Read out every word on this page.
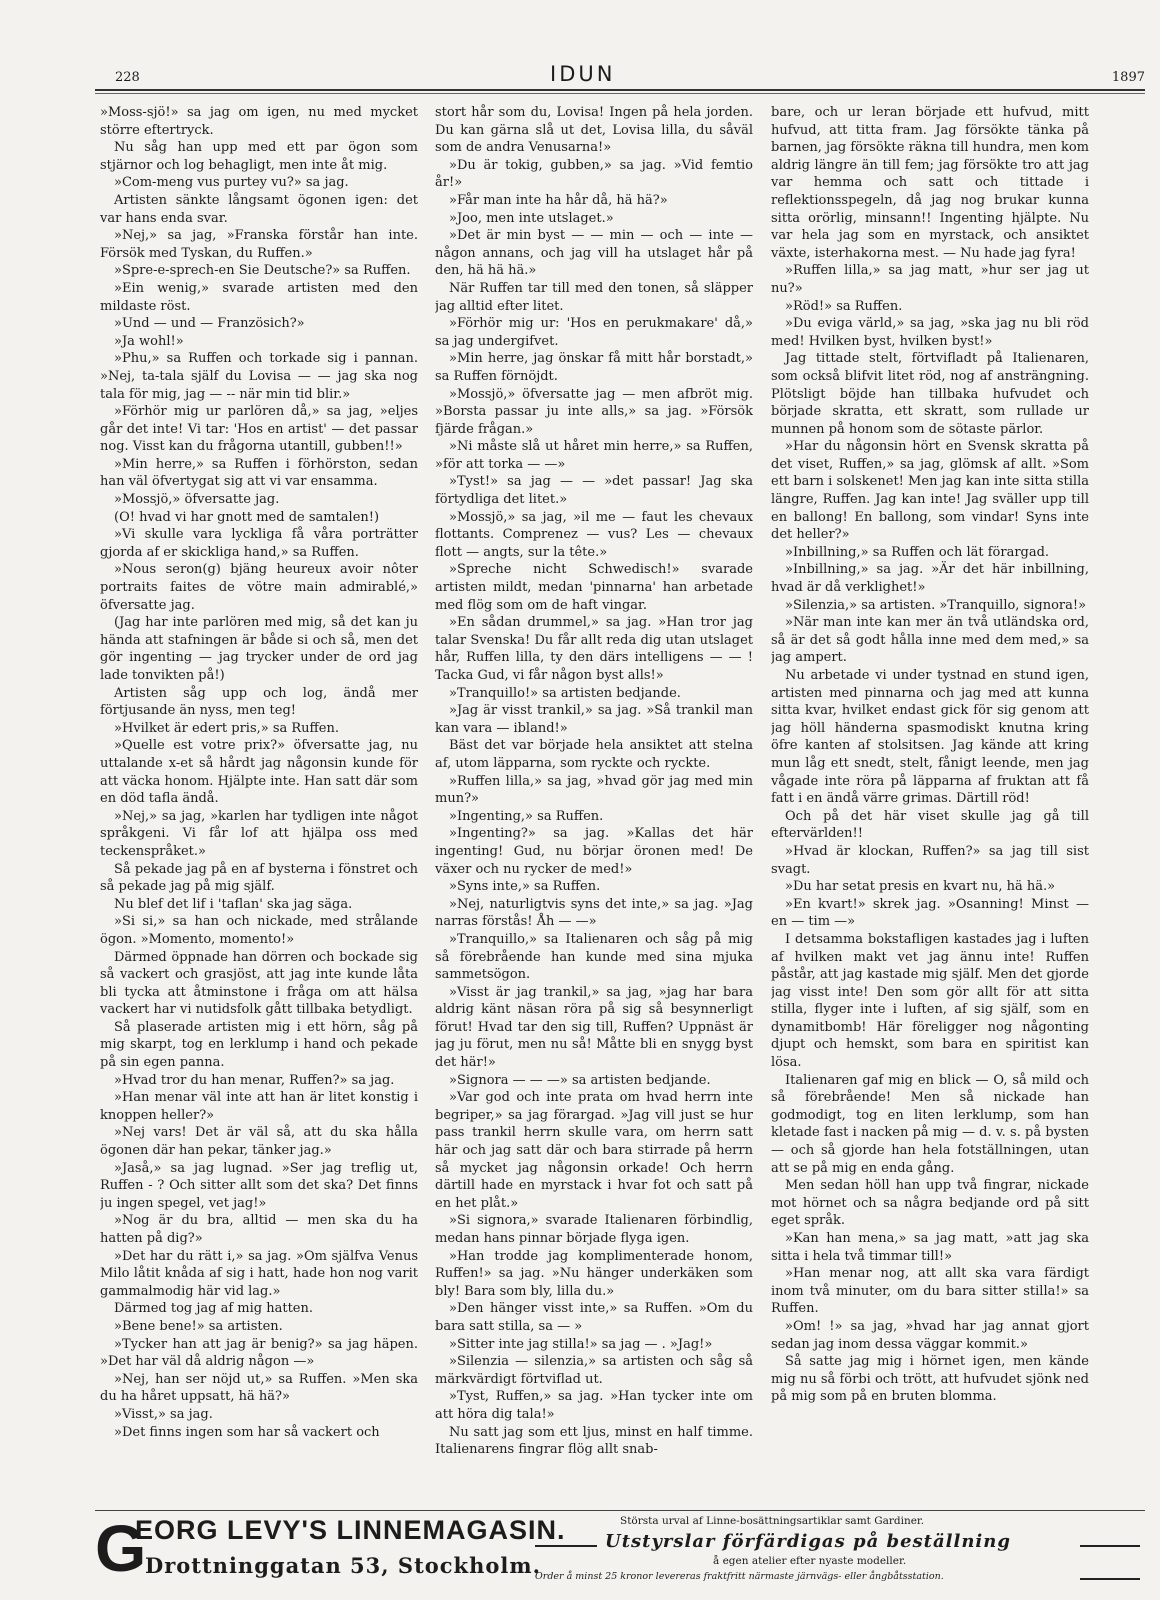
228	IDUN	1897

»Moss-sjö!» sa jag om igen, nu med mycket större eftertryck.

Nu såg han upp med ett par ögon som stjärnor och log behagligt, men inte åt mig.

»Com-meng vus purtey vu?» sa jag.

Artisten sänkte långsamt ögonen igen: det var hans enda svar.

»Nej,» sa jag, »Franska förstår han inte. Försök med Tyskan, du Ruffen.»

»Spre-e-sprech-en Sie Deutsche?» sa Ruffen.

»Ein wenig,» svarade artisten med den mildaste röst.

»Und — und — Französich?»

»Ja wohl!»

»Phu,» sa Ruffen och torkade sig i pannan. »Nej, ta-tala själf du Lovisa — — jag ska nog tala för mig, jag — -- när min tid blir.»

»Förhör mig ur parlören då,» sa jag, »eljes går det inte! Vi tar: 'Hos en artist' — det passar nog. Visst kan du frågorna utantill, gubben!!»

»Min herre,» sa Ruffen i förhörston, sedan han väl öfvertygat sig att vi var ensamma.

»Mossjö,» öfversatte jag.

(O! hvad vi har gnott med de samtalen!)

»Vi skulle vara lyckliga få våra porträtter gjorda af er skickliga hand,» sa Ruffen.

»Nous seron(g) bjäng heureux avoir nôter portraits faites de vötre main admirablé,» öfversatte jag.

(Jag har inte parlören med mig, så det kan ju hända att stafningen är både si och så, men det gör ingenting — jag trycker under de ord jag lade tonvikten på!)

Artisten såg upp och log, ändå mer förtjusande än nyss, men teg!

»Hvilket är edert pris,» sa Ruffen.

»Quelle est votre prix?» öfversatte jag, nu uttalande x-et så hårdt jag någonsin kunde för att väcka honom. Hjälpte inte. Han satt där som en död tafla ändå.

»Nej,» sa jag, »karlen har tydligen inte något språkgeni. Vi får lof att hjälpa oss med teckenspråket.»

Så pekade jag på en af bysterna i fönstret och så pekade jag på mig själf.

Nu blef det lif i 'taflan' ska jag säga.

»Si si,» sa han och nickade, med strålande ögon. »Momento, momento!»

Därmed öppnade han dörren och bockade sig så vackert och grasjöst, att jag inte kunde låta bli tycka att åtminstone i fråga om att hälsa vackert har vi nutidsfolk gått tillbaka betydligt.

Så plaserade artisten mig i ett hörn, såg på mig skarpt, tog en lerklump i hand och pekade på sin egen panna.

»Hvad tror du han menar, Ruffen?» sa jag.

»Han menar väl inte att han är litet konstig i knoppen heller?»

»Nej vars! Det är väl så, att du ska hålla ögonen där han pekar, tänker jag.»

»Jaså,» sa jag lugnad. »Ser jag treflig ut, Ruffen - ? Och sitter allt som det ska? Det finns ju ingen spegel, vet jag!»

»Nog är du bra, alltid — men ska du ha hatten på dig?»

»Det har du rätt i,» sa jag. »Om själfva Venus Milo låtit knåda af sig i hatt, hade hon nog varit gammalmodig här vid lag.»

Därmed tog jag af mig hatten.

»Bene bene!» sa artisten.

»Tycker han att jag är benig?» sa jag häpen. »Det har väl då aldrig någon —»

»Nej, han ser nöjd ut,» sa Ruffen. »Men ska du ha håret uppsatt, hä hä?»

»Visst,» sa jag.

»Det finns ingen som har så vackert och

stort hår som du, Lovisa! Ingen på hela jorden. Du kan gärna slå ut det, Lovisa lilla, du såväl som de andra Venusarna!»

»Du är tokig, gubben,» sa jag. »Vid femtio år!»

»Får man inte ha hår då, hä hä?»

»Joo, men inte utslaget.»

»Det är min byst — — min — och — inte — någon annans, och jag vill ha utslaget hår på den, hä hä hä.»

När Ruffen tar till med den tonen, så släpper jag alltid efter litet.

»Förhör mig ur: 'Hos en perukmakare' då,» sa jag undergifvet.

»Min herre, jag önskar få mitt hår borstadt,» sa Ruffen förnöjdt.

»Mossjö,» öfversatte jag — men afbröt mig. »Borsta passar ju inte alls,» sa jag. »Försök fjärde frågan.»

»Ni måste slå ut håret min herre,» sa Ruffen, »för att torka — —»

»Tyst!» sa jag — — »det passar! Jag ska förtydliga det litet.»

»Mossjö,» sa jag, »il me — faut les chevaux flottants. Comprenez — vus? Les — chevaux flott — angts, sur la tête.»

»Spreche nicht Schwedisch!» svarade artisten mildt, medan 'pinnarna' han arbetade med flög som om de haft vingar.

»En sådan drummel,» sa jag. »Han tror jag talar Svenska! Du får allt reda dig utan utslaget hår, Ruffen lilla, ty den därs intelligens — — ! Tacka Gud, vi får någon byst alls!»

»Tranquillo!» sa artisten bedjande.

»Jag är visst trankil,» sa jag. »Så trankil man kan vara — ibland!»

Bäst det var började hela ansiktet att stelna af, utom läpparna, som ryckte och ryckte.

»Ruffen lilla,» sa jag, »hvad gör jag med min mun?»

»Ingenting,» sa Ruffen.

»Ingenting?» sa jag. »Kallas det här ingenting! Gud, nu börjar öronen med! De växer och nu rycker de med!»

»Syns inte,» sa Ruffen.

»Nej, naturligtvis syns det inte,» sa jag. »Jag narras förstås! Åh — —»

»Tranquillo,» sa Italienaren och såg på mig så förebrående han kunde med sina mjuka sammetsögon.

»Visst är jag trankil,» sa jag, »jag har bara aldrig känt näsan röra på sig så besynnerligt förut! Hvad tar den sig till, Ruffen? Uppnäst är jag ju förut, men nu så! Måtte bli en snygg byst det här!»

»Signora — — —» sa artisten bedjande.

»Var god och inte prata om hvad herrn inte begriper,» sa jag förargad. »Jag vill just se hur pass trankil herrn skulle vara, om herrn satt här och jag satt där och bara stirrade på herrn så mycket jag någonsin orkade! Och herrn därtill hade en myrstack i hvar fot och satt på en het plåt.»

»Si signora,» svarade Italienaren förbindlig, medan hans pinnar började flyga igen.

»Han trodde jag komplimenterade honom, Ruffen!» sa jag. »Nu hänger underkäken som bly! Bara som bly, lilla du.»

»Den hänger visst inte,» sa Ruffen. »Om du bara satt stilla, sa — »

»Sitter inte jag stilla!» sa jag — . »Jag!»

»Silenzia — silenzia,» sa artisten och såg så märkvärdigt förtviflad ut.

»Tyst, Ruffen,» sa jag. »Han tycker inte om att höra dig tala!»

Nu satt jag som ett ljus, minst en half timme. Italienarens fingrar flög allt snab-

bare, och ur leran började ett hufvud, mitt hufvud, att titta fram. Jag försökte tänka på barnen, jag försökte räkna till hundra, men kom aldrig längre än till fem; jag försökte tro att jag var hemma och satt och tittade i reflektionsspegeln, då jag nog brukar kunna sitta orörlig, minsann!! Ingenting hjälpte. Nu var hela jag som en myrstack, och ansiktet växte, isterhakorna mest. — Nu hade jag fyra!

»Ruffen lilla,» sa jag matt, »hur ser jag ut nu?»

»Röd!» sa Ruffen.

»Du eviga värld,» sa jag, »ska jag nu bli röd med! Hvilken byst, hvilken byst!»

Jag tittade stelt, förtvifladt på Italienaren, som också blifvit litet röd, nog af ansträngning. Plötsligt böjde han tillbaka hufvudet och började skratta, ett skratt, som rullade ur munnen på honom som de sötaste pärlor.

»Har du någonsin hört en Svensk skratta på det viset, Ruffen,» sa jag, glömsk af allt. »Som ett barn i solskenet! Men jag kan inte sitta stilla längre, Ruffen. Jag kan inte! Jag sväller upp till en ballong! En ballong, som vindar! Syns inte det heller?»

»Inbillning,» sa Ruffen och lät förargad.

»Inbillning,» sa jag. »Är det här inbillning, hvad är då verklighet!»

»Silenzia,» sa artisten. »Tranquillo, signora!»

»När man inte kan mer än två utländska ord, så är det så godt hålla inne med dem med,» sa jag ampert.

Nu arbetade vi under tystnad en stund igen, artisten med pinnarna och jag med att kunna sitta kvar, hvilket endast gick för sig genom att jag höll händerna spasmodiskt knutna kring öfre kanten af stolsitsen. Jag kände att kring mun låg ett snedt, stelt, fånigt leende, men jag vågade inte röra på läpparna af fruktan att få fatt i en ändå värre grimas. Därtill röd!

Och på det här viset skulle jag gå till eftervärlden!!

»Hvad är klockan, Ruffen?» sa jag till sist svagt.

»Du har setat presis en kvart nu, hä hä.»

»En kvart!» skrek jag. »Osanning! Minst — en — tim —»

I detsamma bokstafligen kastades jag i luften af hvilken makt vet jag ännu inte! Ruffen påstår, att jag kastade mig själf. Men det gjorde jag visst inte! Den som gör allt för att sitta stilla, flyger inte i luften, af sig själf, som en dynamitbomb! Här föreligger nog någonting djupt och hemskt, som bara en spiritist kan lösa.

Italienaren gaf mig en blick — O, så mild och så förebrående! Men så nickade han godmodigt, tog en liten lerklump, som han kletade fast i nacken på mig — d. v. s. på bysten — och så gjorde han hela fotställningen, utan att se på mig en enda gång.

Men sedan höll han upp två fingrar, nickade mot hörnet och sa några bedjande ord på sitt eget språk.

»Kan han mena,» sa jag matt, »att jag ska sitta i hela två timmar till!»

»Han menar nog, att allt ska vara färdigt inom två minuter, om du bara sitter stilla!» sa Ruffen.

»Om! !» sa jag, »hvad har jag annat gjort sedan jag inom dessa väggar kommit.»

Så satte jag mig i hörnet igen, men kände mig nu så förbi och trött, att hufvudet sjönk ned på mig som på en bruten blomma.

G
EORG LEVY'S LINNEMAGASIN.
Drottninggatan 53, Stockholm.
Största urval af Linne-bosättningsartiklar samt Gardiner.
Utstyrslar förfärdigas på beställning
å egen atelier efter nyaste modeller.
Order å minst 25 kronor levereras fraktfritt närmaste järnvägs- eller ångbåtsstation.
